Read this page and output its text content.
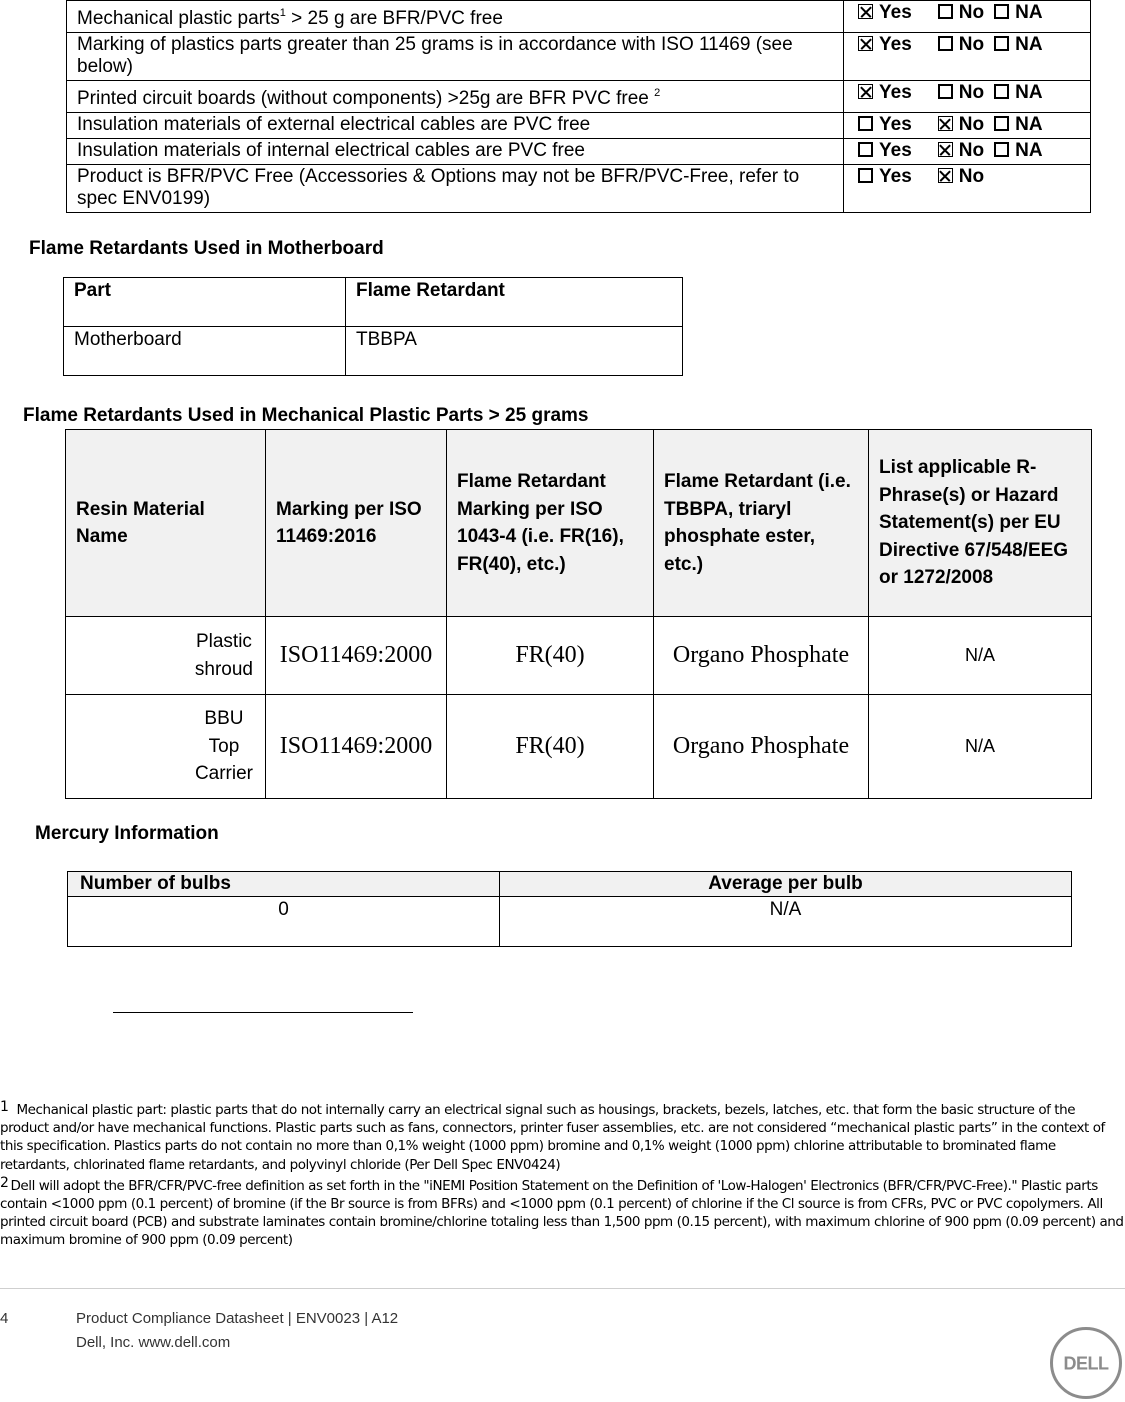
Mechanical plastic parts$^1$ > 25 g are BFR/PVC free	Yes No NA
Marking of plastics parts greater than 25 grams is in accordance with ISO 11469 (see below)	Yes No NA
Printed circuit boards (without components) >25g are BFR PVC free $^2$	Yes No NA
Insulation materials of external electrical cables are PVC free	Yes No NA
Insulation materials of internal electrical cables are PVC free	Yes No NA
Product is BFR/PVC Free (Accessories & Options may not be BFR/PVC-Free, refer to spec ENV0199)	Yes No
Flame Retardants Used in Motherboard
Part	Flame Retardant
Motherboard	TBBPA
Flame Retardants Used in Mechanical Plastic Parts > 25 grams
Resin Material Name	Marking per ISO 11469:2016	Flame Retardant Marking per ISO 1043-4 (i.e. FR(16), FR(40), etc.)	Flame Retardant (i.e. TBBPA, triaryl phosphate ester, etc.)	List applicable R-Phrase(s) or Hazard Statement(s) per EU Directive 67/548/EEG or 1272/2008
Plastic
shroud	ISO11469:2000	FR(40)	Organo Phosphate	N/A
BBU
Top
Carrier	ISO11469:2000	FR(40)	Organo Phosphate	N/A
Mercury Information
Number of bulbs	Average per bulb
0	N/A

1 Mechanical plastic part: plastic parts that do not internally carry an electrical signal such as housings, brackets, bezels, latches, etc. that form the basic structure of the product and/or have mechanical functions. Plastic parts such as fans, connectors, printer fuser assemblies, etc. are not considered “mechanical plastic parts” in the context of this specification. Plastics parts do not contain no more than 0,1% weight (1000 ppm) bromine and 0,1% weight (1000 ppm) chlorine attributable to brominated flame retardants, chlorinated flame retardants, and polyvinyl chloride (Per Dell Spec ENV0424)

2 Dell will adopt the BFR/CFR/PVC-free definition as set forth in the "iNEMI Position Statement on the Definition of 'Low-Halogen' Electronics (BFR/CFR/PVC-Free)." Plastic parts contain <1000 ppm (0.1 percent) of bromine (if the Br source is from BFRs) and <1000 ppm (0.1 percent) of chlorine if the Cl source is from CFRs, PVC or PVC copolymers. All printed circuit board (PCB) and substrate laminates contain bromine/chlorine totaling less than 1,500 ppm (0.15 percent), with maximum chlorine of 900 ppm (0.09 percent) and maximum bromine of 900 ppm (0.09 percent)

4	Product Compliance Datasheet | ENV0023 | A12
Dell, Inc. www.dell.com
DELL
